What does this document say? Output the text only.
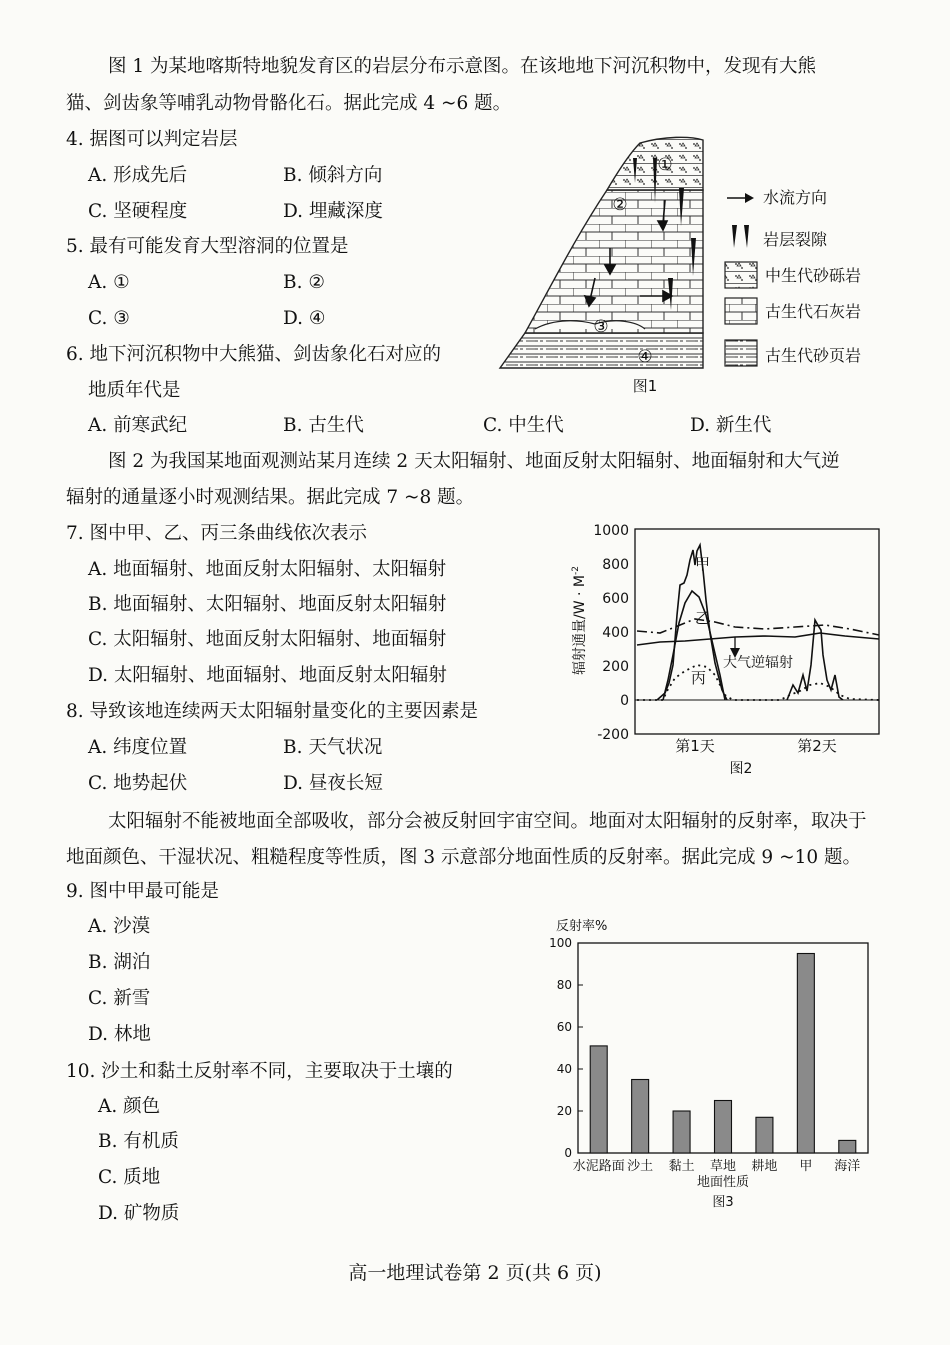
图 1 为某地喀斯特地貌发育区的岩层分布示意图。在该地地下河沉积物中，发现有大熊
猫、剑齿象等哺乳动物骨骼化石。据此完成 4 ~6 题。
4. 据图可以判定岩层
A. 形成先后	B. 倾斜方向
C. 坚硬程度	D. 埋藏深度
5. 最有可能发育大型溶洞的位置是
A. ①	B. ②
C. ③	D. ④
6. 地下河沉积物中大熊猫、剑齿象化石对应的
地质年代是
A. 前寒武纪	B. 古生代	C. 中生代	D. 新生代
①
②
③
④
图1
水流方向
岩层裂隙
中生代砂砾岩
古生代石灰岩
古生代砂页岩
图 2 为我国某地面观测站某月连续 2 天太阳辐射、地面反射太阳辐射、地面辐射和大气逆
辐射的通量逐小时观测结果。据此完成 7 ~8 题。
7. 图中甲、乙、丙三条曲线依次表示
A. 地面辐射、地面反射太阳辐射、太阳辐射
B. 地面辐射、太阳辐射、地面反射太阳辐射
C. 太阳辐射、地面反射太阳辐射、地面辐射
D. 太阳辐射、地面辐射、地面反射太阳辐射
8. 导致该地连续两天太阳辐射量变化的主要因素是
A. 纬度位置	B. 天气状况
C. 地势起伏	D. 昼夜长短
1000
800
600
400
200
0
-200
辐射通量$/W \cdot M^{-2}$	甲
乙
丙
大气逆辐射
第1天	第2天
图2
太阳辐射不能被地面全部吸收，部分会被反射回宇宙空间。地面对太阳辐射的反射率，取决于
地面颜色、干湿状况、粗糙程度等性质，图 3 示意部分地面性质的反射率。据此完成 9 ~10 题。
9. 图中甲最可能是
A. 沙漠
B. 湖泊
C. 新雪
D. 林地
10. 沙土和黏土反射率不同，主要取决于土壤的
A. 颜色
B. 有机质
C. 质地
D. 矿物质
反射率%
0
20
40
60
80
100
水泥路面 沙土 黏土 草地 耕地 甲 海洋
地面性质
图3
高一地理试卷第 2 页(共 6 页)
